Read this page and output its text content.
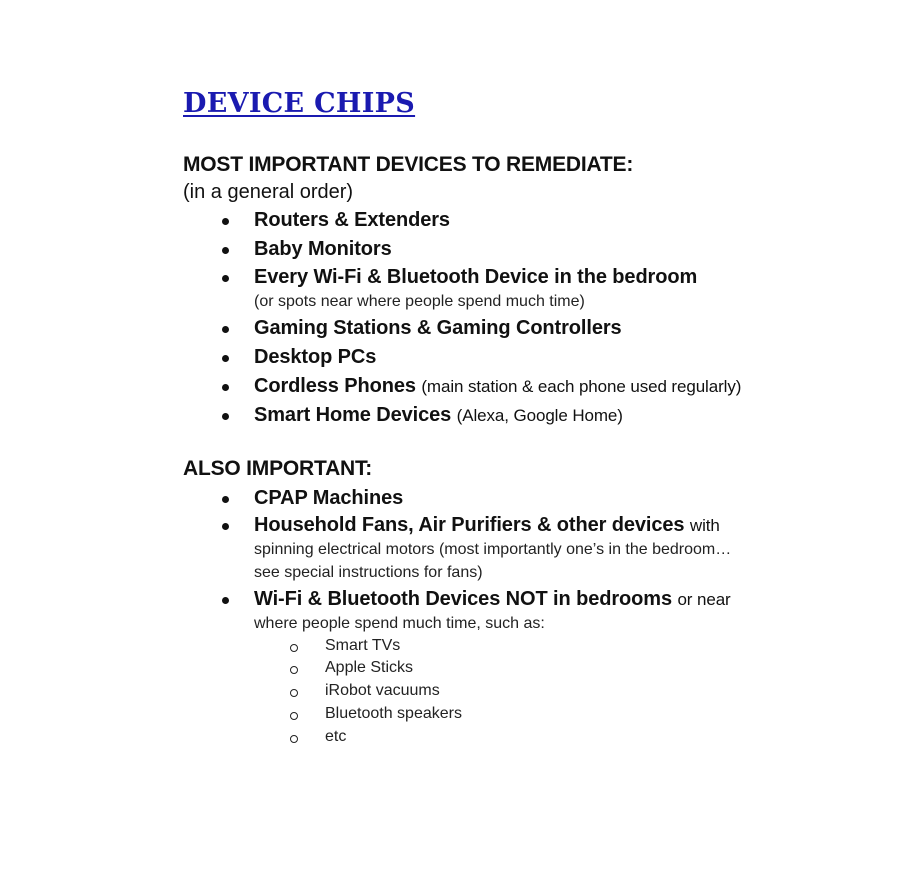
DEVICE CHIPS
MOST IMPORTANT DEVICES TO REMEDIATE:
(in a general order)
Routers & Extenders
Baby Monitors
Every Wi-Fi & Bluetooth Device in the bedroom
(or spots near where people spend much time)
Gaming Stations & Gaming Controllers
Desktop PCs
Cordless Phones (main station & each phone used regularly)
Smart Home Devices (Alexa, Google Home)
ALSO IMPORTANT:
CPAP Machines
Household Fans, Air Purifiers & other devices with
spinning electrical motors (most importantly one’s in the bedroom…
see special instructions for fans)
Wi-Fi & Bluetooth Devices NOT in bedrooms or near
where people spend much time, such as:
Smart TVs
Apple Sticks
iRobot vacuums
Bluetooth speakers
etc
